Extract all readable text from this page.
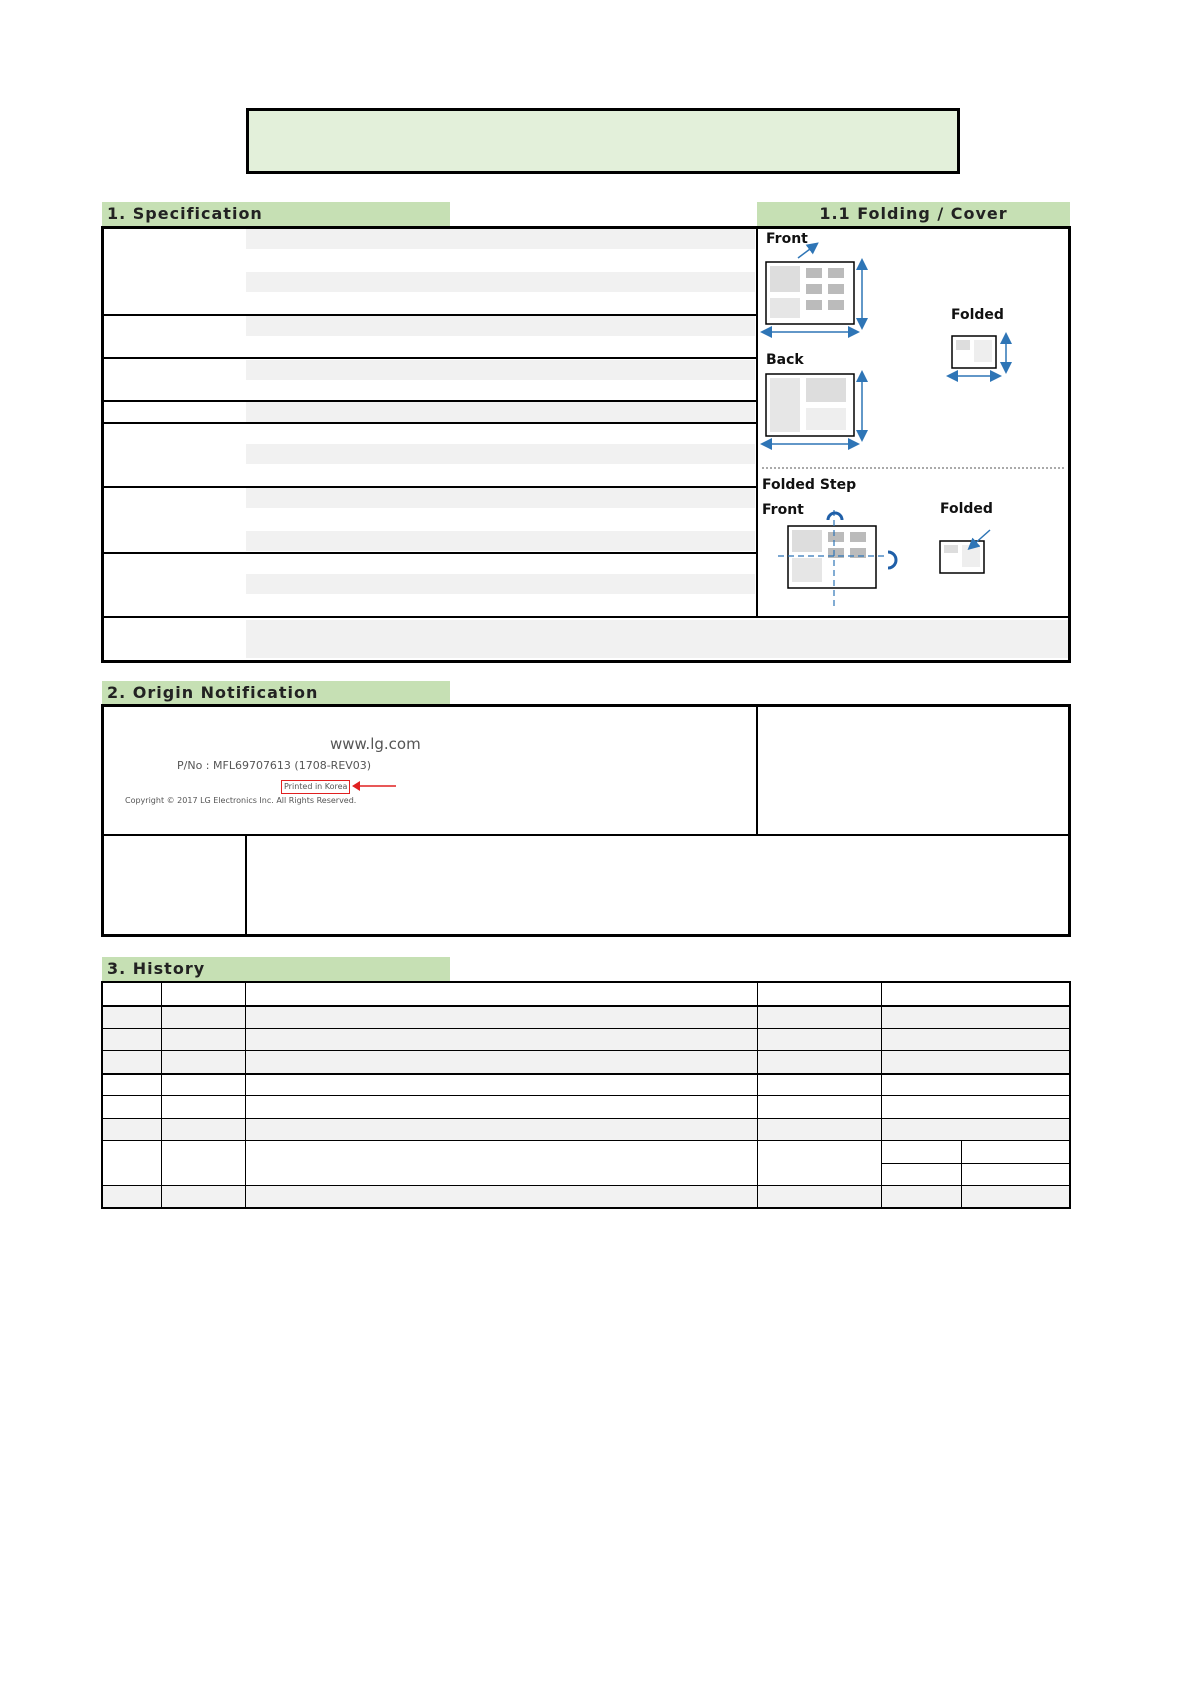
1. Specification	1.1 Folding / Cover
Front
Back
Folded
Folded Step
Front	Folded
2. Origin Notification
www.lg.com
P/No : MFL69707613 (1708-REV03)
Printed in Korea
Copyright © 2017 LG Electronics Inc. All Rights Reserved.
3. History
